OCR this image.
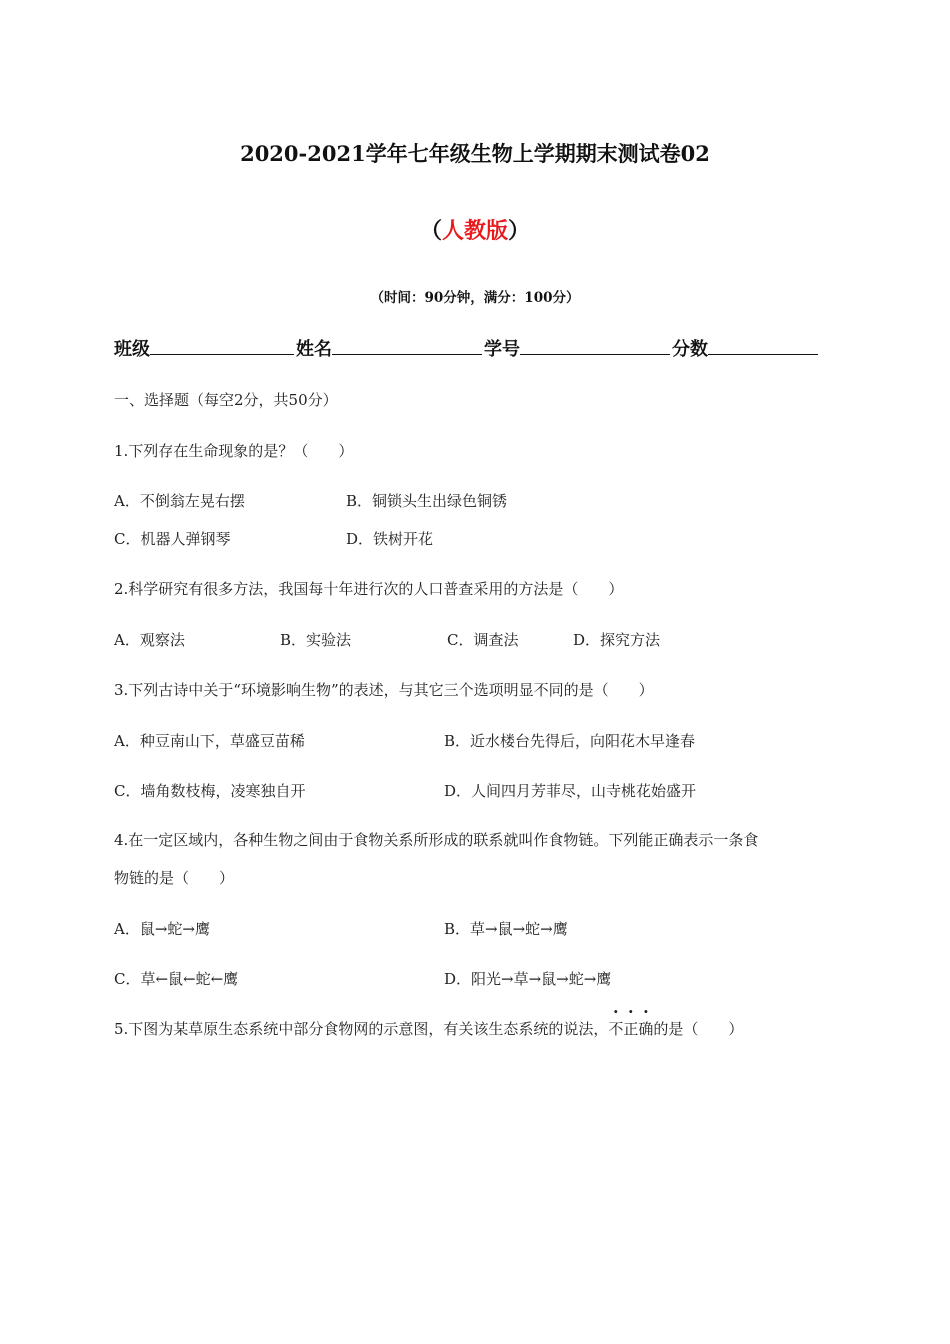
2020-2021学年七年级生物上学期期末测试卷02
（人教版）
（时间：90分钟，满分：100分）
班级	姓名	学号	分数
一、选择题（每空2分，共50分）
1.下列存在生命现象的是？（　　）
A．不倒翁左晃右摆	B．铜锁头生出绿色铜锈
C．机器人弹钢琴	D．铁树开花
2.科学研究有很多方法，我国每十年进行次的人口普查采用的方法是（　　）
A．观察法	B．实验法	C．调查法	D．探究方法
3.下列古诗中关于“环境影响生物”的表述，与其它三个选项明显不同的是（　　）
A．种豆南山下，草盛豆苗稀	B．近水楼台先得后，向阳花木早逢春
C．墙角数枝梅，凌寒独自开	D．人间四月芳菲尽，山寺桃花始盛开
4.在一定区域内，各种生物之间由于食物关系所形成的联系就叫作食物链。下列能正确表示一条食
物链的是（　　）
A．鼠→蛇→鹰	B．草→鼠→蛇→鹰
C．草←鼠←蛇←鹰	D．阳光→草→鼠→蛇→鹰
5.下图为某草原生态系统中部分食物网的示意图，有关该生态系统的说法，不正确的是（　　）
